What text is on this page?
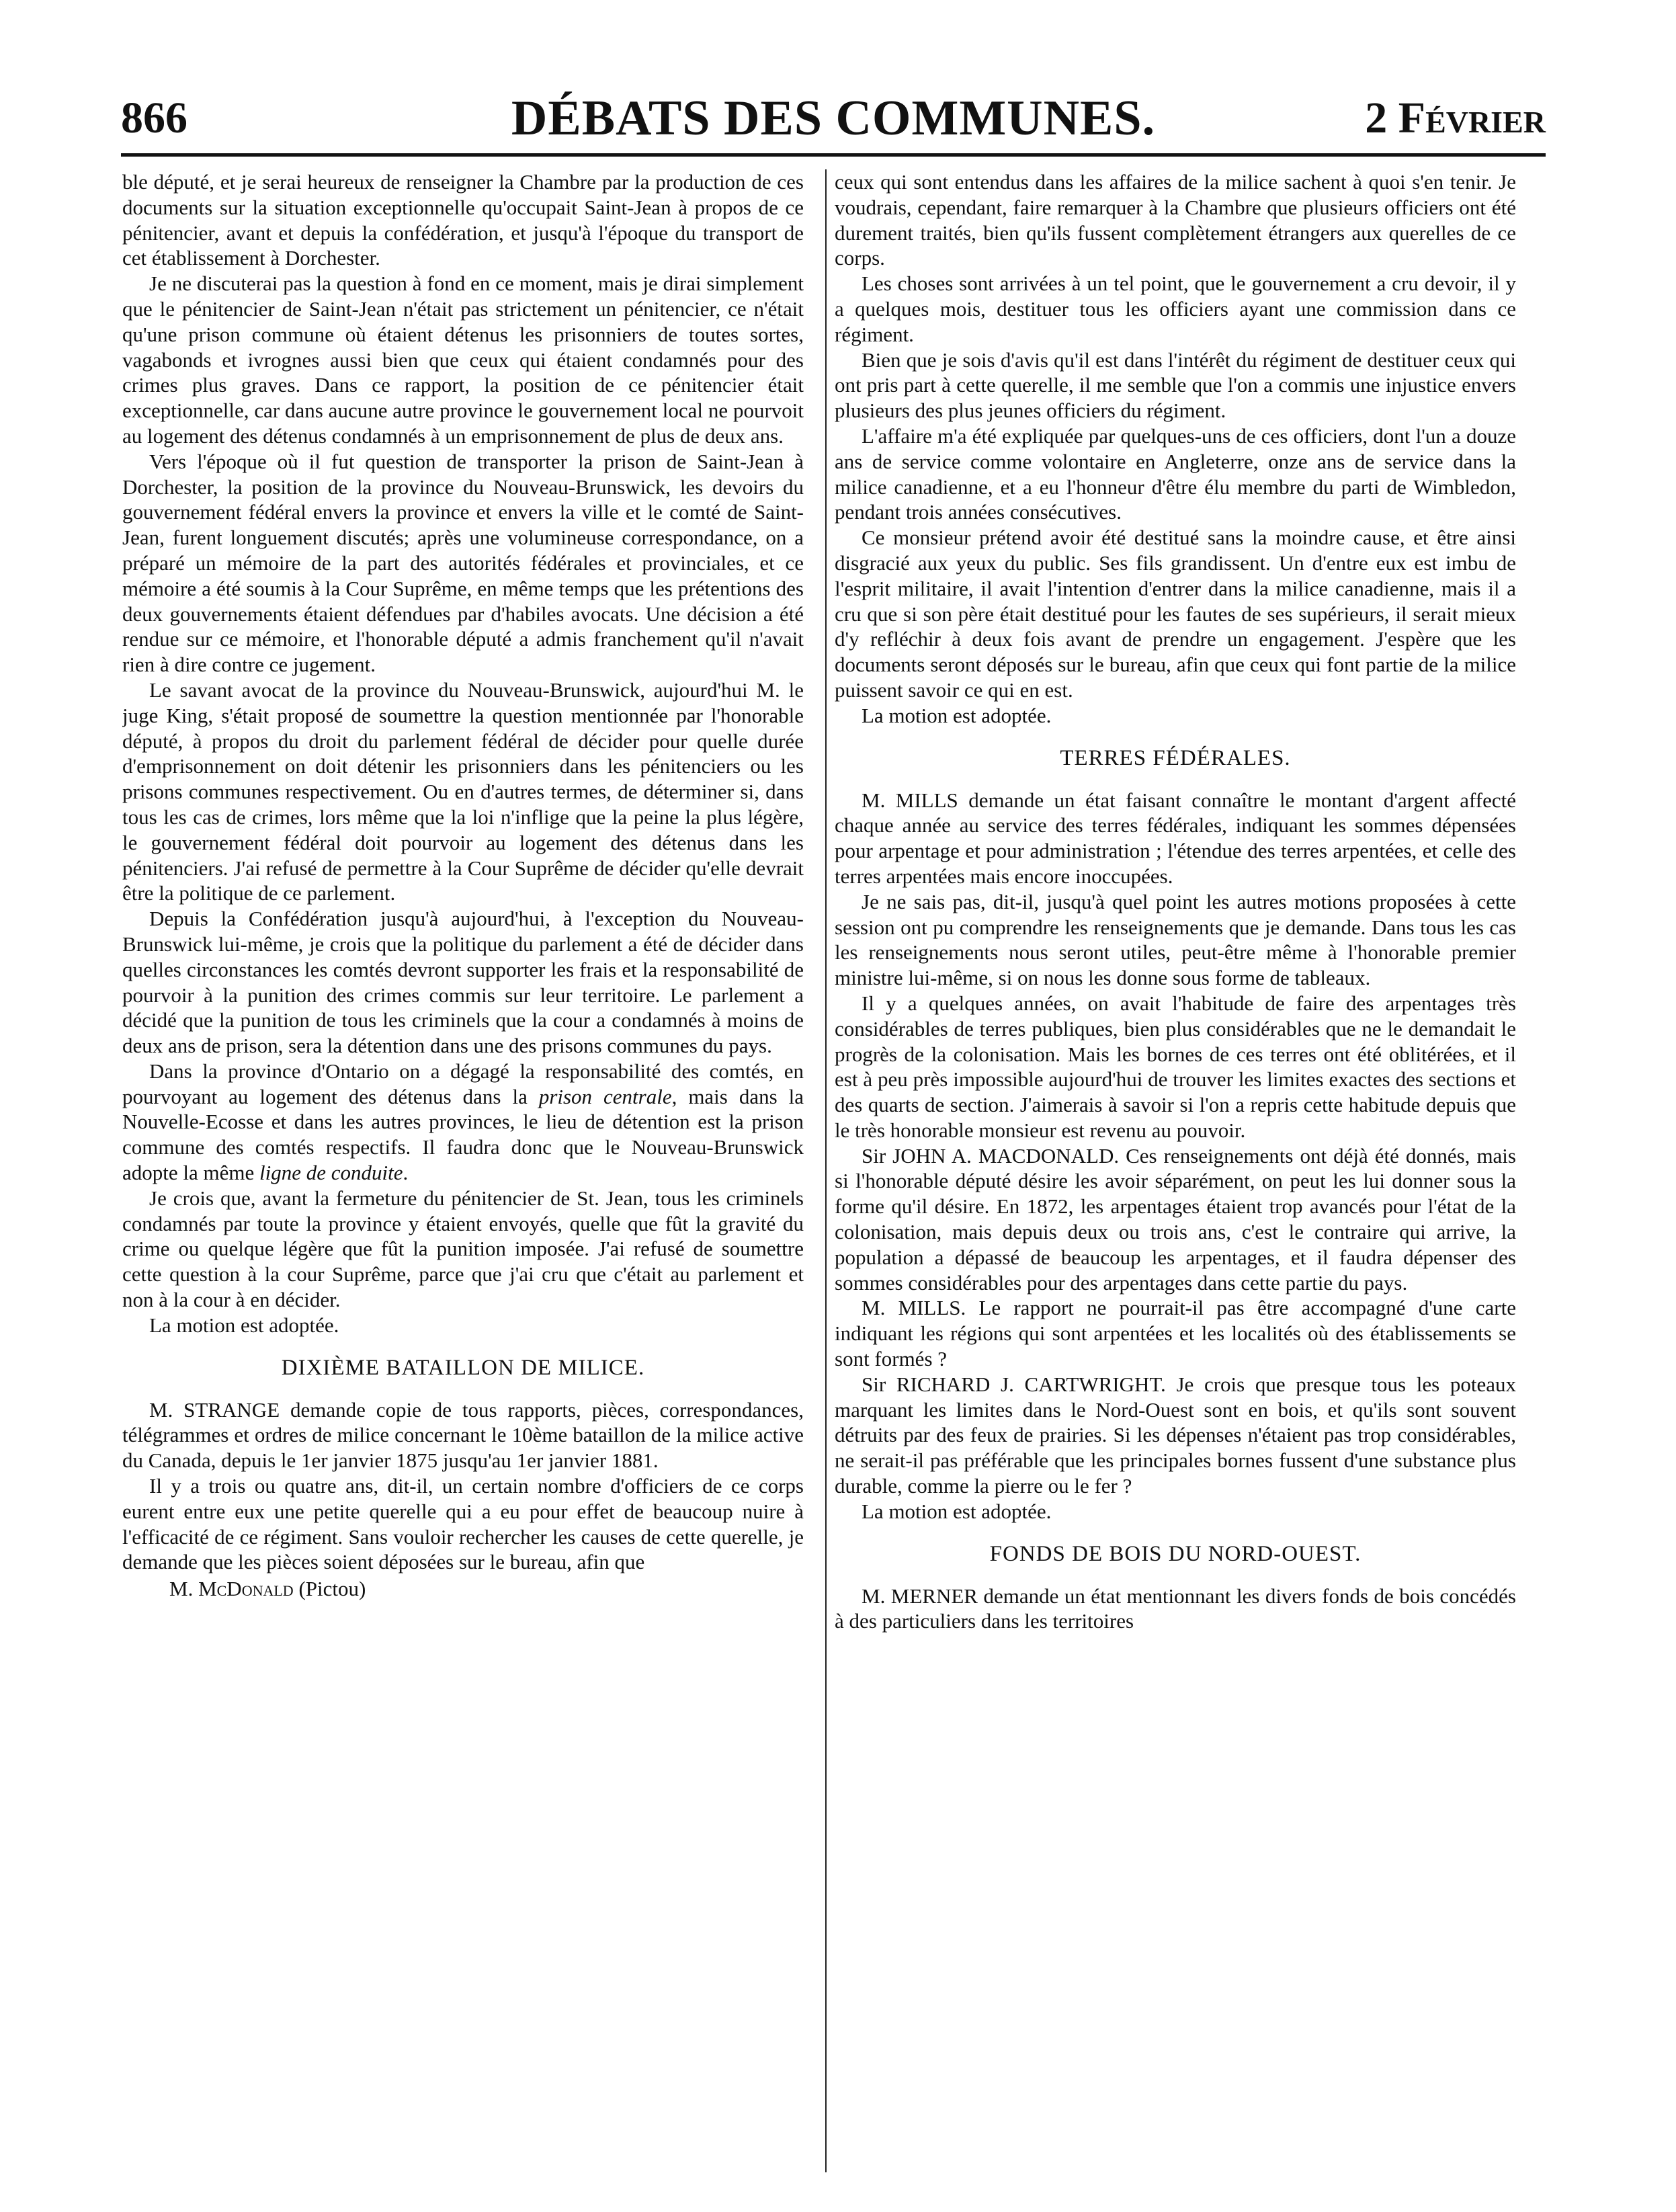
866	DÉBATS DES COMMUNES.	2 Février

ble député, et je serai heureux de renseigner la Chambre par la production de ces documents sur la situation exceptionnelle qu'occupait Saint-Jean à propos de ce pénitencier, avant et depuis la confédération, et jusqu'à l'époque du transport de cet établissement à Dorchester.

Je ne discuterai pas la question à fond en ce moment, mais je dirai simplement que le pénitencier de Saint-Jean n'était pas strictement un pénitencier, ce n'était qu'une prison commune où étaient détenus les prisonniers de toutes sortes, vagabonds et ivrognes aussi bien que ceux qui étaient condamnés pour des crimes plus graves. Dans ce rapport, la position de ce pénitencier était exceptionnelle, car dans aucune autre province le gouvernement local ne pourvoit au logement des détenus condamnés à un emprisonnement de plus de deux ans.

Vers l'époque où il fut question de transporter la prison de Saint-Jean à Dorchester, la position de la province du Nouveau-Brunswick, les devoirs du gouvernement fédéral envers la province et envers la ville et le comté de Saint-Jean, furent longuement discutés; après une volumineuse correspondance, on a préparé un mémoire de la part des autorités fédérales et provinciales, et ce mémoire a été soumis à la Cour Suprême, en même temps que les prétentions des deux gouvernements étaient défendues par d'habiles avocats. Une décision a été rendue sur ce mémoire, et l'honorable député a admis franchement qu'il n'avait rien à dire contre ce jugement.

Le savant avocat de la province du Nouveau-Brunswick, aujourd'hui M. le juge King, s'était proposé de soumettre la question mentionnée par l'honorable député, à propos du droit du parlement fédéral de décider pour quelle durée d'emprisonnement on doit détenir les prisonniers dans les pénitenciers ou les prisons communes respectivement. Ou en d'autres termes, de déterminer si, dans tous les cas de crimes, lors même que la loi n'inflige que la peine la plus légère, le gouvernement fédéral doit pourvoir au logement des détenus dans les pénitenciers. J'ai refusé de permettre à la Cour Suprême de décider qu'elle devrait être la politique de ce parlement.

Depuis la Confédération jusqu'à aujourd'hui, à l'exception du Nouveau-Brunswick lui-même, je crois que la politique du parlement a été de décider dans quelles circonstances les comtés devront supporter les frais et la responsabilité de pourvoir à la punition des crimes commis sur leur territoire. Le parlement a décidé que la punition de tous les criminels que la cour a condamnés à moins de deux ans de prison, sera la détention dans une des prisons communes du pays.

Dans la province d'Ontario on a dégagé la responsabilité des comtés, en pourvoyant au logement des détenus dans la prison centrale, mais dans la Nouvelle-Ecosse et dans les autres provinces, le lieu de détention est la prison commune des comtés respectifs. Il faudra donc que le Nouveau-Brunswick adopte la même ligne de conduite.

Je crois que, avant la fermeture du pénitencier de St. Jean, tous les criminels condamnés par toute la province y étaient envoyés, quelle que fût la gravité du crime ou quelque légère que fût la punition imposée. J'ai refusé de soumettre cette question à la cour Suprême, parce que j'ai cru que c'était au parlement et non à la cour à en décider.

La motion est adoptée.

DIXIÈME BATAILLON DE MILICE.

M. STRANGE demande copie de tous rapports, pièces, correspondances, télégrammes et ordres de milice concernant le 10ème bataillon de la milice active du Canada, depuis le 1er janvier 1875 jusqu'au 1er janvier 1881.

Il y a trois ou quatre ans, dit-il, un certain nombre d'officiers de ce corps eurent entre eux une petite querelle qui a eu pour effet de beaucoup nuire à l'efficacité de ce régiment. Sans vouloir rechercher les causes de cette querelle, je demande que les pièces soient déposées sur le bureau, afin que

M. McDonald (Pictou)

ceux qui sont entendus dans les affaires de la milice sachent à quoi s'en tenir. Je voudrais, cependant, faire remarquer à la Chambre que plusieurs officiers ont été durement traités, bien qu'ils fussent complètement étrangers aux querelles de ce corps.

Les choses sont arrivées à un tel point, que le gouvernement a cru devoir, il y a quelques mois, destituer tous les officiers ayant une commission dans ce régiment.

Bien que je sois d'avis qu'il est dans l'intérêt du régiment de destituer ceux qui ont pris part à cette querelle, il me semble que l'on a commis une injustice envers plusieurs des plus jeunes officiers du régiment.

L'affaire m'a été expliquée par quelques-uns de ces officiers, dont l'un a douze ans de service comme volontaire en Angleterre, onze ans de service dans la milice canadienne, et a eu l'honneur d'être élu membre du parti de Wimbledon, pendant trois années consécutives.

Ce monsieur prétend avoir été destitué sans la moindre cause, et être ainsi disgracié aux yeux du public. Ses fils grandissent. Un d'entre eux est imbu de l'esprit militaire, il avait l'intention d'entrer dans la milice canadienne, mais il a cru que si son père était destitué pour les fautes de ses supérieurs, il serait mieux d'y refléchir à deux fois avant de prendre un engagement. J'espère que les documents seront déposés sur le bureau, afin que ceux qui font partie de la milice puissent savoir ce qui en est.

La motion est adoptée.

TERRES FÉDÉRALES.

M. MILLS demande un état faisant connaître le montant d'argent affecté chaque année au service des terres fédérales, indiquant les sommes dépensées pour arpentage et pour administration ; l'étendue des terres arpentées, et celle des terres arpentées mais encore inoccupées.

Je ne sais pas, dit-il, jusqu'à quel point les autres motions proposées à cette session ont pu comprendre les renseignements que je demande. Dans tous les cas les renseignements nous seront utiles, peut-être même à l'honorable premier ministre lui-même, si on nous les donne sous forme de tableaux.

Il y a quelques années, on avait l'habitude de faire des arpentages très considérables de terres publiques, bien plus considérables que ne le demandait le progrès de la colonisation. Mais les bornes de ces terres ont été oblitérées, et il est à peu près impossible aujourd'hui de trouver les limites exactes des sections et des quarts de section. J'aimerais à savoir si l'on a repris cette habitude depuis que le très honorable monsieur est revenu au pouvoir.

Sir JOHN A. MACDONALD. Ces renseignements ont déjà été donnés, mais si l'honorable député désire les avoir séparément, on peut les lui donner sous la forme qu'il désire. En 1872, les arpentages étaient trop avancés pour l'état de la colonisation, mais depuis deux ou trois ans, c'est le contraire qui arrive, la population a dépassé de beaucoup les arpentages, et il faudra dépenser des sommes considérables pour des arpentages dans cette partie du pays.

M. MILLS. Le rapport ne pourrait-il pas être accompagné d'une carte indiquant les régions qui sont arpentées et les localités où des établissements se sont formés ?

Sir RICHARD J. CARTWRIGHT. Je crois que presque tous les poteaux marquant les limites dans le Nord-Ouest sont en bois, et qu'ils sont souvent détruits par des feux de prairies. Si les dépenses n'étaient pas trop considérables, ne serait-il pas préférable que les principales bornes fussent d'une substance plus durable, comme la pierre ou le fer ?

La motion est adoptée.

FONDS DE BOIS DU NORD-OUEST.

M. MERNER demande un état mentionnant les divers fonds de bois concédés à des particuliers dans les territoires
